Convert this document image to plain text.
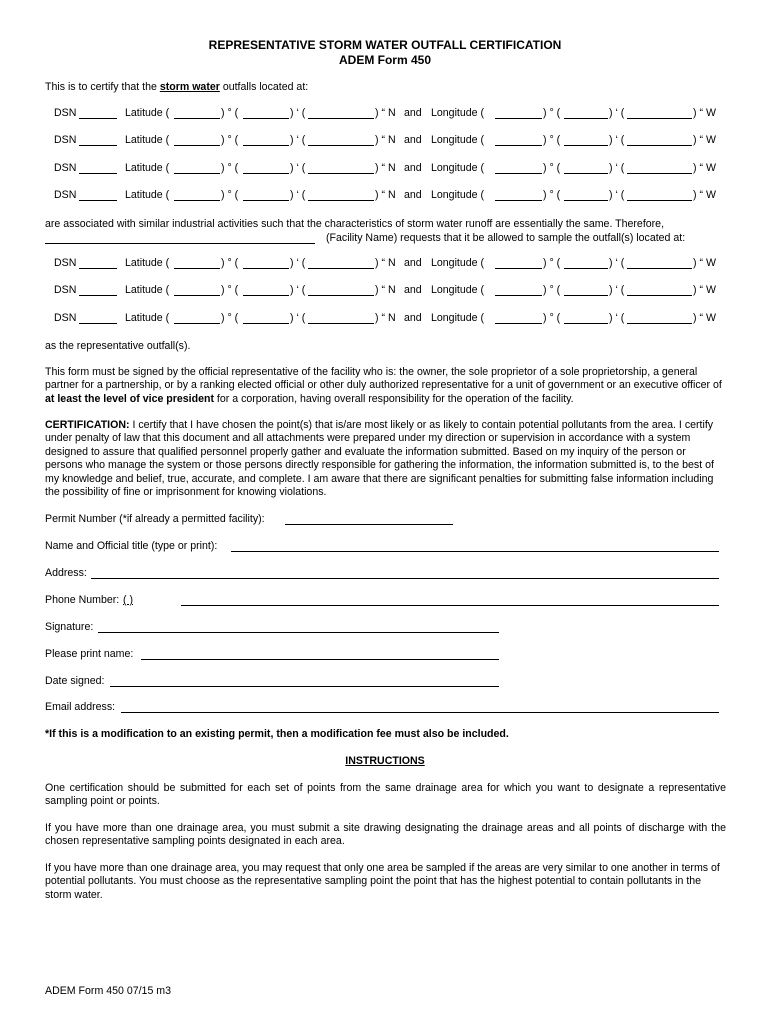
REPRESENTATIVE STORM WATER OUTFALL CERTIFICATION
ADEM Form 450
This is to certify that the storm water outfalls located at:
DSN	Latitude (	) ° (	) ‘ (	) “ N and Longitude (	) ° (	) ‘ (	) “ W
DSN	Latitude (	) ° (	) ‘ (	) “ N and Longitude (	) ° (	) ‘ (	) “ W
DSN	Latitude (	) ° (	) ‘ (	) “ N and Longitude (	) ° (	) ‘ (	) “ W
DSN	Latitude (	) ° (	) ‘ (	) “ N and Longitude (	) ° (	) ‘ (	) “ W
are associated with similar industrial activities such that the characteristics of storm water runoff are essentially the same. Therefore,
(Facility Name) requests that it be allowed to sample the outfall(s) located at:
DSN	Latitude (	) ° (	) ‘ (	) “ N and Longitude (	) ° (	) ‘ (	) “ W
DSN	Latitude (	) ° (	) ‘ (	) “ N and Longitude (	) ° (	) ‘ (	) “ W
DSN	Latitude (	) ° (	) ‘ (	) “ N and Longitude (	) ° (	) ‘ (	) “ W
as the representative outfall(s).
This form must be signed by the official representative of the facility who is: the owner, the sole proprietor of a sole proprietorship, a general partner for a partnership, or by a ranking elected official or other duly authorized representative for a unit of government or an executive officer of at least the level of vice president for a corporation, having overall responsibility for the operation of the facility.
CERTIFICATION: I certify that I have chosen the point(s) that is/are most likely or as likely to contain potential pollutants from the area. I certify under penalty of law that this document and all attachments were prepared under my direction or supervision in accordance with a system designed to assure that qualified personnel properly gather and evaluate the information submitted. Based on my inquiry of the person or persons who manage the system or those persons directly responsible for gathering the information, the information submitted is, to the best of my knowledge and belief, true, accurate, and complete. I am aware that there are significant penalties for submitting false information including the possibility of fine or imprisonment for knowing violations.
Permit Number (*if already a permitted facility):
Name and Official title (type or print):
Address:
Phone Number: ( )
Signature:
Please print name:
Date signed:
Email address:
*If this is a modification to an existing permit, then a modification fee must also be included.
INSTRUCTIONS
One certification should be submitted for each set of points from the same drainage area for which you want to designate a representative sampling point or points.
If you have more than one drainage area, you must submit a site drawing designating the drainage areas and all points of discharge with the chosen representative sampling points designated in each area.
If you have more than one drainage area, you may request that only one area be sampled if the areas are very similar to one another in terms of potential pollutants. You must choose as the representative sampling point the point that has the highest potential to contain pollutants in the storm water.
ADEM Form 450 07/15 m3
